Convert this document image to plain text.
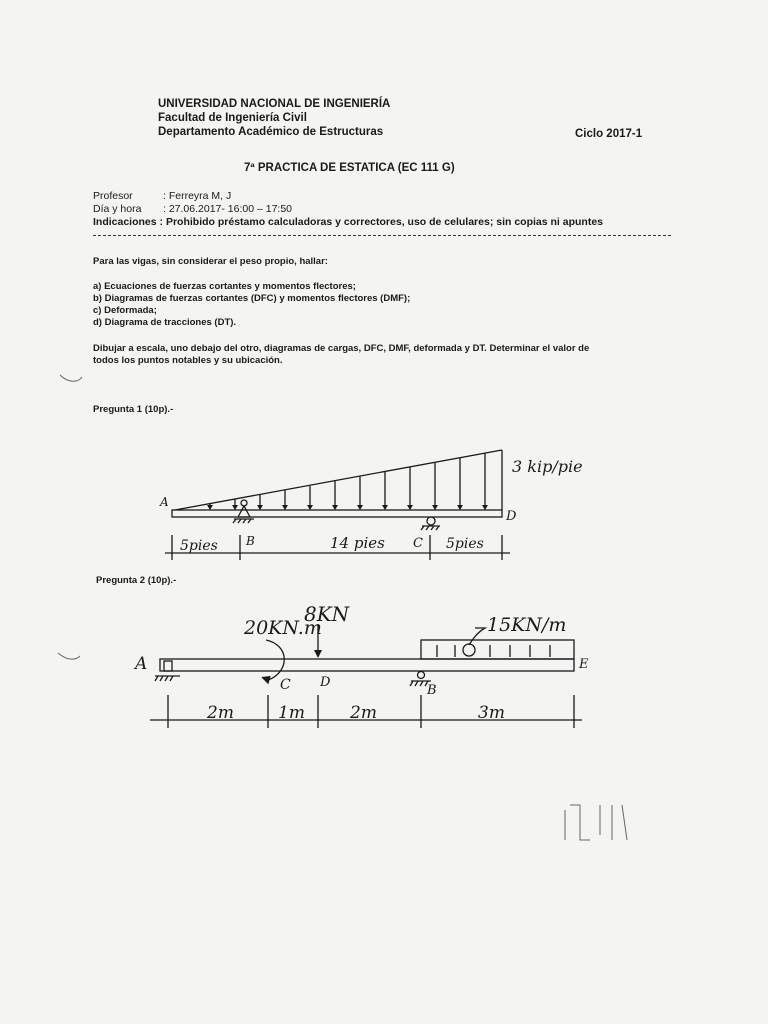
UNIVERSIDAD NACIONAL DE INGENIERÍA
Facultad de Ingeniería Civil
Departamento Académico de Estructuras	Ciclo 2017-1
7ª PRACTICA DE ESTATICA (EC 111 G)
Profesor	: Ferreyra M, J
Día y hora	: 27.06.2017- 16:00 – 17:50
Indicaciones
: Prohibido préstamo calculadoras y correctores, uso de celulares; sin copias ni apuntes
Para las vigas, sin considerar el peso propio, hallar:
a) Ecuaciones de fuerzas cortantes y momentos flectores;
b) Diagramas de fuerzas cortantes (DFC) y momentos flectores (DMF);
c) Deformada;
d) Diagrama de tracciones (DT).
Dibujar a escala, uno debajo del otro, diagramas de cargas, DFC, DMF, deformada y DT. Determinar el valor de
todos los puntos notables y su ubicación.
Pregunta 1 (10p).-
A
B	C
D
3 kip/pie
5pies	14 pies	5pies
Pregunta 2 (10p).-
A
C D
B
E
20KN.m
8KN	15KN/m
2m	1m	2m	3m
